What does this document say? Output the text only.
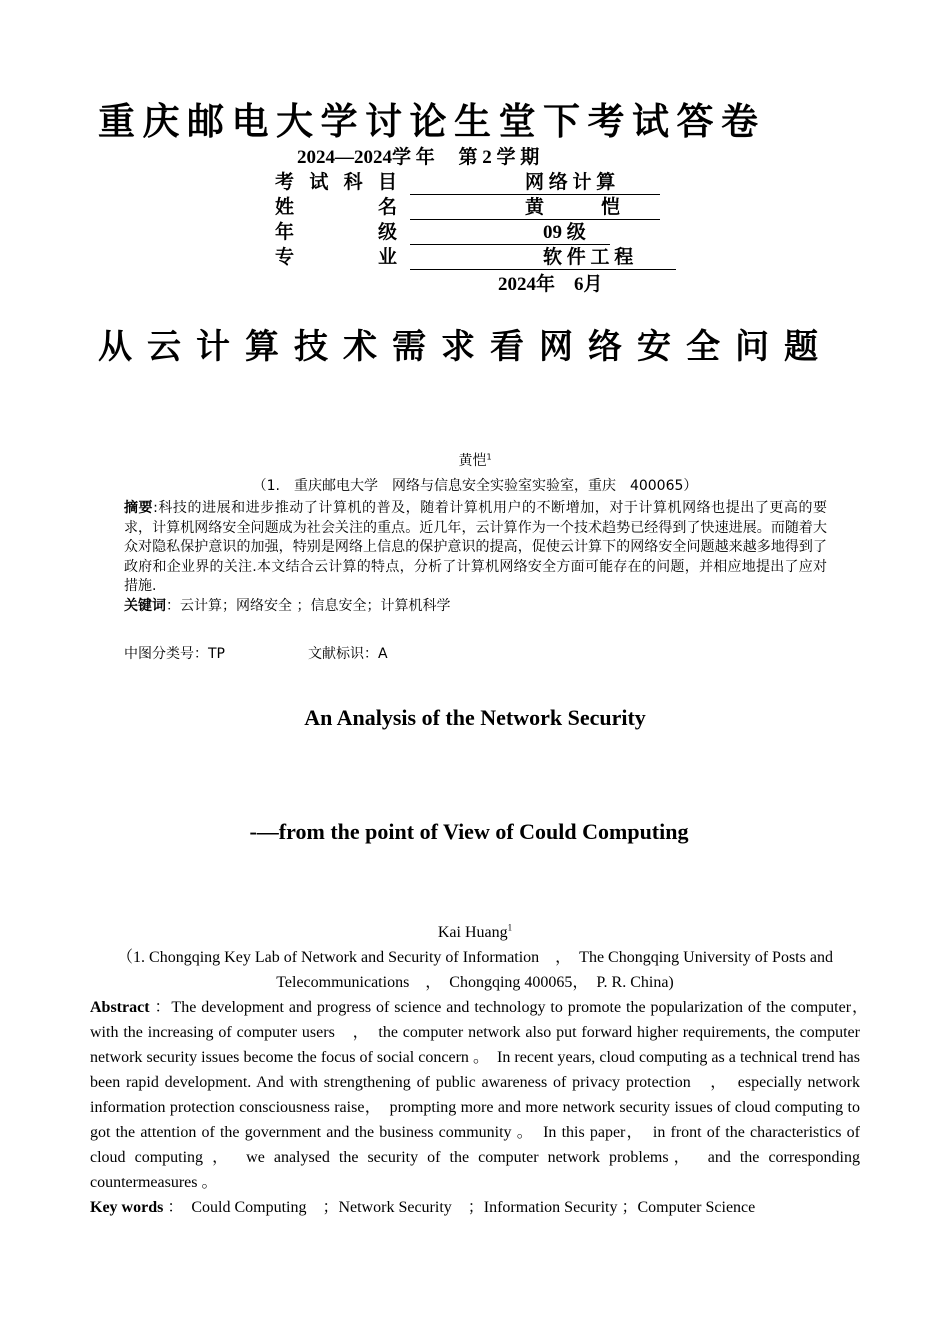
重庆邮电大学讨论生堂下考试答卷
2024—2024学 年　 第 2 学 期
考试科目	网 络 计 算
姓名	黄　　　恺
年级	09 级
专业	软 件 工 程
2024年　6月
从云计算技术需求看网络安全问题
黄恺$^1$
（1.　重庆邮电大学　网络与信息安全实验室实验室，重庆　400065）
摘要:科技的进展和进步推动了计算机的普及，随着计算机用户的不断增加，对于计算机网络也提出了更高的要求，计算机网络安全问题成为社会关注的重点。近几年，云计算作为一个技术趋势已经得到了快速进展。而随着大众对隐私保护意识的加强，特别是网络上信息的保护意识的提高，促使云计算下的网络安全问题越来越多地得到了政府和企业界的关注.本文结合云计算的特点，分析了计算机网络安全方面可能存在的问题，并相应地提出了应对措施.
关键词：云计算；网络安全 ；信息安全；计算机科学
中图分类号：TP	文献标识：A
An Analysis of the Network Security
-—from the point of View of Could Computing
Kai Huang$^1$
（1. Chongqing Key Lab of Network and Security of Information　，　The Chongqing University of Posts and
Telecommunications　，　Chongqing 400065，　P. R. China)
Abstract ：The development and progress of science and technology to promote the popularization of the computer，　with the increasing of computer users　，　the computer network also put forward higher requirements, the computer network security issues become the focus of social concern 。　In recent years, cloud computing as a technical trend has been rapid development. And with strengthening of public awareness of privacy protection　，　especially network information protection consciousness raise，　prompting more and more network security issues of cloud computing to got the attention of the government and the business community 。　In this paper，　in front of the characteristics of cloud computing ，　we analysed the security of the computer network problems，　and the corresponding countermeasures 。
Key words ：　Could Computing　；Network Security　；Information Security ；Computer Science
